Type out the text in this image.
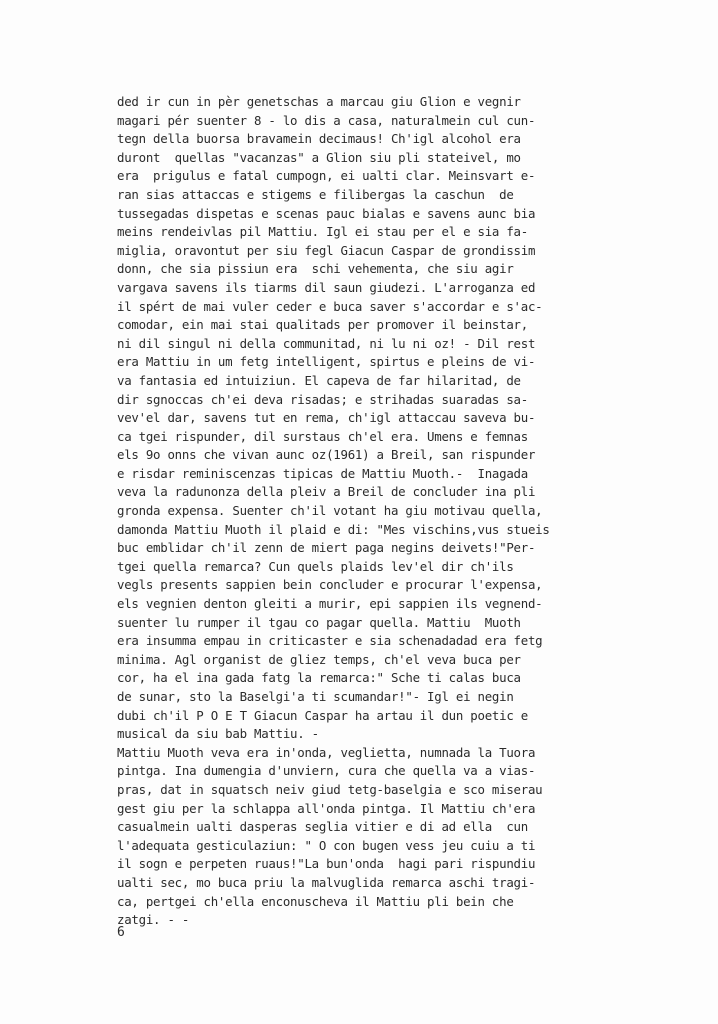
ded ir cun in pèr genetschas a marcau giu Glion e vegnir
magari pér suenter 8 - lo dis a casa, naturalmein cul cun-
tegn della buorsa bravamein decimaus! Ch'igl alcohol era
duront  quellas "vacanzas" a Glion siu pli stateivel, mo
era  prigulus e fatal cumpogn, ei ualti clar. Meinsvart e-
ran sias attaccas e stigems e filibergas la caschun  de
tussegadas dispetas e scenas pauc bialas e savens aunc bia
meins rendeivlas pil Mattiu. Igl ei stau per el e sia fa-
miglia, oravontut per siu fegl Giacun Caspar de grondissim
donn, che sia pissiun era  schi vehementa, che siu agir
vargava savens ils tiarms dil saun giudezi. L'arroganza ed
il spért de mai vuler ceder e buca saver s'accordar e s'ac-
comodar, ein mai stai qualitads per promover il beinstar,
ni dil singul ni della communitad, ni lu ni oz! - Dil rest
era Mattiu in um fetg intelligent, spirtus e pleins de vi-
va fantasia ed intuiziun. El capeva de far hilaritad, de
dir sgnoccas ch'ei deva risadas; e strihadas suaradas sa-
vev'el dar, savens tut en rema, ch'igl attaccau saveva bu-
ca tgei rispunder, dil surstaus ch'el era. Umens e femnas
els 9o onns che vivan aunc oz(1961) a Breil, san rispunder
e risdar reminiscenzas tipicas de Mattiu Muoth.-  Inagada
veva la radunonza della pleiv a Breil de concluder ina pli
gronda expensa. Suenter ch'il votant ha giu motivau quella,
damonda Mattiu Muoth il plaid e di: "Mes vischins,vus stueis
buc emblidar ch'il zenn de miert paga negins deivets!"Per-
tgei quella remarca? Cun quels plaids lev'el dir ch'ils
vegls presents sappien bein concluder e procurar l'expensa,
els vegnien denton gleiti a murir, epi sappien ils vegnend-
suenter lu rumper il tgau co pagar quella. Mattiu  Muoth
era insumma empau in criticaster e sia schenadadad era fetg
minima. Agl organist de gliez temps, ch'el veva buca per
cor, ha el ina gada fatg la remarca:" Sche ti calas buca
de sunar, sto la Baselgi'a ti scumandar!"- Igl ei negin
dubi ch'il P O E T Giacun Caspar ha artau il dun poetic e
musical da siu bab Mattiu. -
Mattiu Muoth veva era in'onda, veglietta, numnada la Tuora
pintga. Ina dumengia d'unviern, cura che quella va a vias-
pras, dat in squatsch neiv giud tetg-baselgia e sco miserau
gest giu per la schlappa all'onda pintga. Il Mattiu ch'era
casualmein ualti dasperas seglia vitier e di ad ella  cun
l'adequata gesticulaziun: " O con bugen vess jeu cuiu a ti
il sogn e perpeten ruaus!"La bun'onda  hagi pari rispundiu
ualti sec, mo buca priu la malvuglida remarca aschi tragi-
ca, pertgei ch'ella enconuscheva il Mattiu pli bein che
zatgi. - -
6
